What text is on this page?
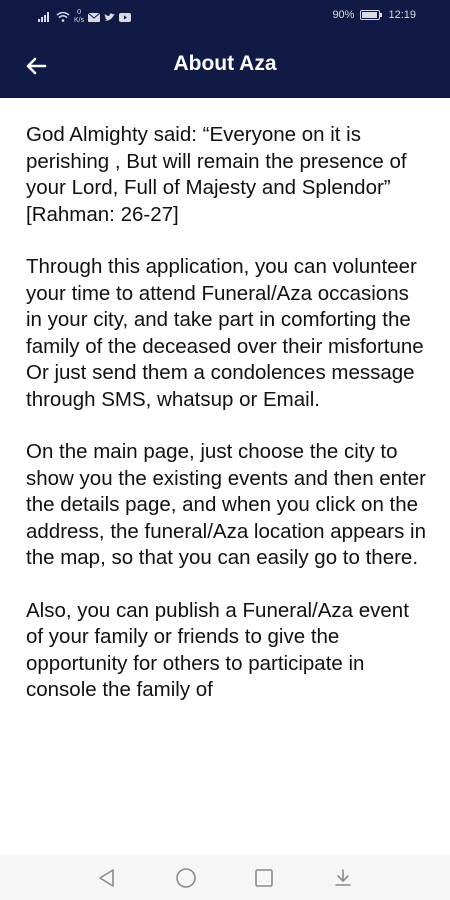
0
K/s	90%	12:19
About Aza

God Almighty said: “Everyone on it is perishing , But will remain the presence of your Lord, Full of Majesty and Splendor” [Rahman: 26-27]

Through this application, you can volunteer your time to attend Funeral/Aza occasions in your city, and take part in comforting the family of the deceased over their misfortune Or just send them a condolences message through SMS, whatsup or Email.

On the main page, just choose the city to show you the existing events and then enter the details page, and when you click on the address, the funeral/Aza location appears in the map, so that you can easily go to there.

Also, you can publish a Funeral/Aza event of your family or friends to give the opportunity for others to participate in console the family of
